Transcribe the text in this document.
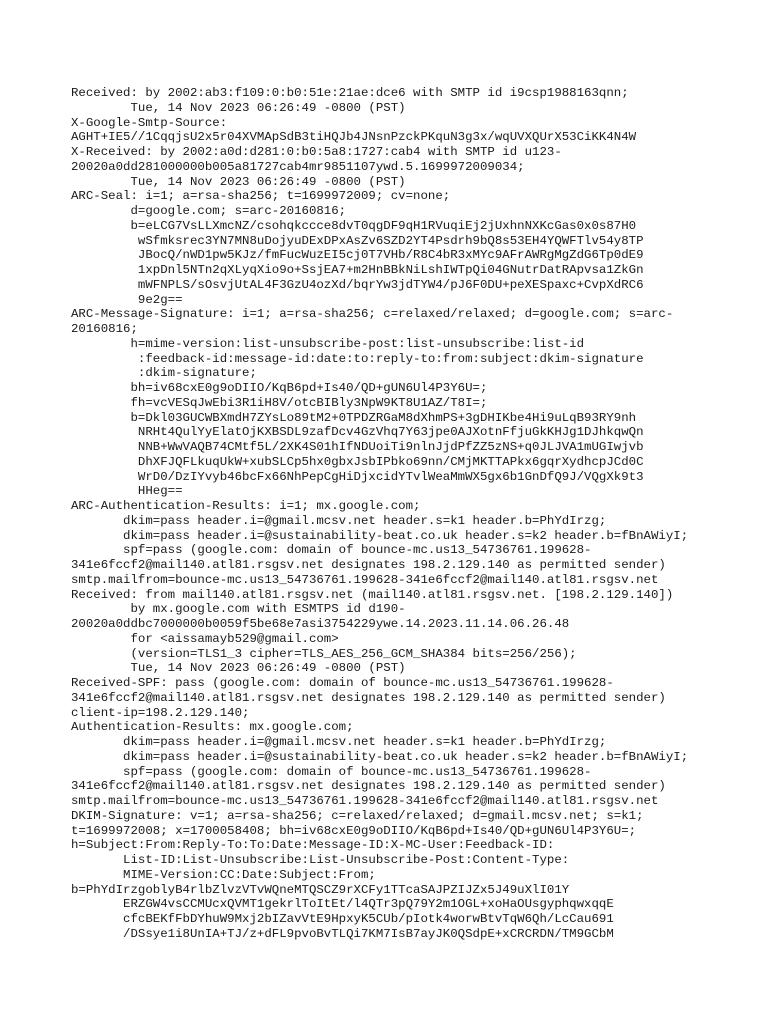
Received: by 2002:ab3:f109:0:b0:51e:21ae:dce6 with SMTP id i9csp1988163qnn;
Tue, 14 Nov 2023 06:26:49 -0800 (PST)
X-Google-Smtp-Source:
AGHT+IE5//1CqqjsU2x5r04XVMApSdB3tiHQJb4JNsnPzckPKquN3g3x/wqUVXQUrX53CiKK4N4W
X-Received: by 2002:a0d:d281:0:b0:5a8:1727:cab4 with SMTP id u123-
20020a0dd281000000b005a81727cab4mr9851107ywd.5.1699972009034;
Tue, 14 Nov 2023 06:26:49 -0800 (PST)
ARC-Seal: i=1; a=rsa-sha256; t=1699972009; cv=none;
d=google.com; s=arc-20160816;
b=eLCG7VsLLXmcNZ/csohqkccce8dvT0qgDF9qH1RVuqiEj2jUxhnNXKcGas0x0s87H0
wSfmksrec3YN7MN8uDojyuDExDPxAsZv6SZD2YT4Psdrh9bQ8s53EH4YQWFTlv54y8TP
JBocQ/nWD1pw5KJz/fmFucWuzEI5cj0T7VHb/R8C4bR3xMYc9AFrAWRgMgZdG6Tp0dE9
1xpDnl5NTn2qXLyqXio9o+SsjEA7+m2HnBBkNiLshIWTpQi04GNutrDatRApvsa1ZkGn
mWFNPLS/sOsvjUtAL4F3GzU4ozXd/bqrYw3jdTYW4/pJ6F0DU+peXESpaxc+CvpXdRC6
9e2g==
ARC-Message-Signature: i=1; a=rsa-sha256; c=relaxed/relaxed; d=google.com; s=arc-
20160816;
h=mime-version:list-unsubscribe-post:list-unsubscribe:list-id
:feedback-id:message-id:date:to:reply-to:from:subject:dkim-signature
:dkim-signature;
bh=iv68cxE0g9oDIIO/KqB6pd+Is40/QD+gUN6Ul4P3Y6U=;
fh=vcVESqJwEbi3R1iH8V/otcBIBly3NpW9KT8U1AZ/T8I=;
b=Dkl03GUCWBXmdH7ZYsLo89tM2+0TPDZRGaM8dXhmPS+3gDHIKbe4Hi9uLqB93RY9nh
NRHt4QulYyElatOjKXBSDL9zafDcv4GzVhq7Y63jpe0AJXotnFfjuGkKHJg1DJhkqwQn
NNB+WwVAQB74CMtf5L/2XK4S01hIfNDUoiTi9nlnJjdPfZZ5zNS+q0JLJVA1mUGIwjvb
DhXFJQFLkuqUkW+xubSLCp5hx0gbxJsbIPbko69nn/CMjMKTTAPkx6gqrXydhcpJCd0C
WrD0/DzIYvyb46bcFx66NhPepCgHiDjxcidYTvlWeaMmWX5gx6b1GnDfQ9J/VQgXk9t3
HHeg==
ARC-Authentication-Results: i=1; mx.google.com;
dkim=pass header.i=@gmail.mcsv.net header.s=k1 header.b=PhYdIrzg;
dkim=pass header.i=@sustainability-beat.co.uk header.s=k2 header.b=fBnAWiyI;
spf=pass (google.com: domain of bounce-mc.us13_54736761.199628-
341e6fccf2@mail140.atl81.rsgsv.net designates 198.2.129.140 as permitted sender)
smtp.mailfrom=bounce-mc.us13_54736761.199628-341e6fccf2@mail140.atl81.rsgsv.net
Received: from mail140.atl81.rsgsv.net (mail140.atl81.rsgsv.net. [198.2.129.140])
by mx.google.com with ESMTPS id d190-
20020a0ddbc7000000b0059f5be68e7asi3754229ywe.14.2023.11.14.06.26.48
for <aissamayb529@gmail.com>
(version=TLS1_3 cipher=TLS_AES_256_GCM_SHA384 bits=256/256);
Tue, 14 Nov 2023 06:26:49 -0800 (PST)
Received-SPF: pass (google.com: domain of bounce-mc.us13_54736761.199628-
341e6fccf2@mail140.atl81.rsgsv.net designates 198.2.129.140 as permitted sender)
client-ip=198.2.129.140;
Authentication-Results: mx.google.com;
dkim=pass header.i=@gmail.mcsv.net header.s=k1 header.b=PhYdIrzg;
dkim=pass header.i=@sustainability-beat.co.uk header.s=k2 header.b=fBnAWiyI;
spf=pass (google.com: domain of bounce-mc.us13_54736761.199628-
341e6fccf2@mail140.atl81.rsgsv.net designates 198.2.129.140 as permitted sender)
smtp.mailfrom=bounce-mc.us13_54736761.199628-341e6fccf2@mail140.atl81.rsgsv.net
DKIM-Signature: v=1; a=rsa-sha256; c=relaxed/relaxed; d=gmail.mcsv.net; s=k1;
t=1699972008; x=1700058408; bh=iv68cxE0g9oDIIO/KqB6pd+Is40/QD+gUN6Ul4P3Y6U=;
h=Subject:From:Reply-To:To:Date:Message-ID:X-MC-User:Feedback-ID:
List-ID:List-Unsubscribe:List-Unsubscribe-Post:Content-Type:
MIME-Version:CC:Date:Subject:From;
b=PhYdIrzgoblyB4rlbZlvzVTvWQneMTQSCZ9rXCFy1TTcaSAJPZIJZx5J49uXlI01Y
ERZGW4vsCCMUcxQVMT1gekrlToItEt/l4QTr3pQ79Y2m1OGL+xoHaOUsgyphqwxqqE
cfcBEKfFbDYhuW9Mxj2bIZavVtE9HpxyK5CUb/pIotk4worwBtvTqW6Qh/LcCau691
/DSsye1i8UnIA+TJ/z+dFL9pvoBvTLQi7KM7IsB7ayJK0QSdpE+xCRCRDN/TM9GCbM
